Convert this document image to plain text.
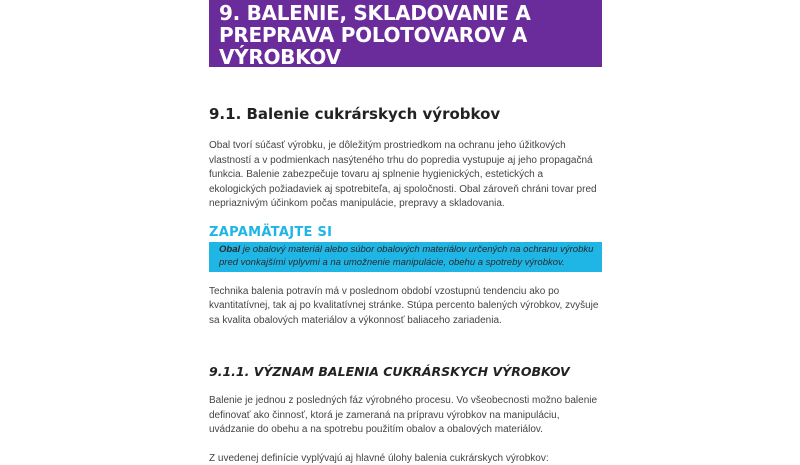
9. BALENIE, SKLADOVANIE A PREPRAVA POLOTOVAROV A VÝROBKOV
9.1. Balenie cukrárskych výrobkov

Obal tvorí súčasť výrobku, je dôležitým prostriedkom na ochranu jeho úžitkových vlastností a v podmienkach nasýteného trhu do popredia vystupuje aj jeho propagačná funkcia. Balenie zabezpečuje tovaru aj splnenie hygienických, estetických a ekologických požiadaviek aj spotrebiteľa, aj spoločnosti. Obal zároveň chráni tovar pred nepriaznivým účinkom počas manipulácie, prepravy a skladovania.

ZAPAMÄTAJTE SI
Obal je obalový materiál alebo súbor obalových materiálov určených na ochranu výrobku pred vonkajšími vplyvmi a na umožnenie manipulácie, obehu a spotreby výrobkov.

Technika balenia potravín má v poslednom období vzostupnú tendenciu ako po kvantitatívnej, tak aj po kvalitatívnej stránke. Stúpa percento balených výrobkov, zvyšuje sa kvalita obalových materiálov a výkonnosť baliaceho zariadenia.

9.1.1. VÝZNAM BALENIA CUKRÁRSKYCH VÝROBKOV

Balenie je jednou z posledných fáz výrobného procesu. Vo všeobecnosti možno balenie definovať ako činnosť, ktorá je zameraná na prípravu výrobkov na manipuláciu, uvádzanie do obehu a na spotrebu použitím obalov a obalových materiálov.

Z uvedenej definície vyplývajú aj hlavné úlohy balenia cukrárskych výrobkov:
